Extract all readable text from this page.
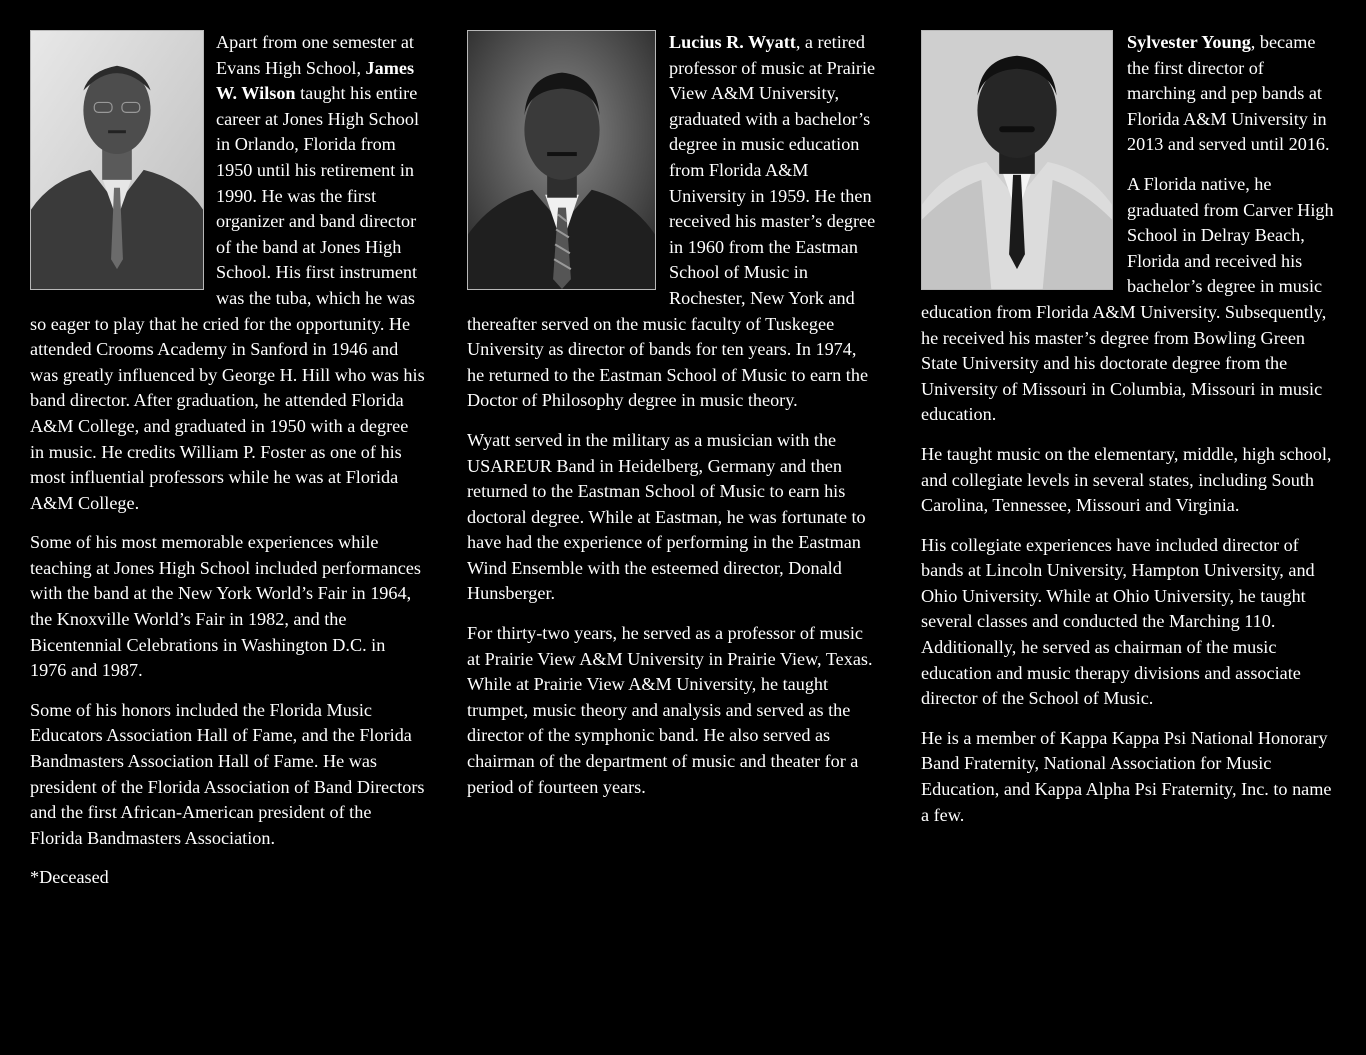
Apart from one semester at Evans High School, James W. Wilson taught his entire career at Jones High School in Orlando, Florida from 1950 until his retirement in 1990. He was the first organizer and band director of the band at Jones High School. His first instrument was the tuba, which he was so eager to play that he cried for the opportunity. He attended Crooms Academy in Sanford in 1946 and was greatly influenced by George H. Hill who was his band director. After graduation, he attended Florida A&M College, and graduated in 1950 with a degree in music. He credits William P. Foster as one of his most influential professors while he was at Florida A&M College.

Some of his most memorable experiences while teaching at Jones High School included performances with the band at the New York World’s Fair in 1964, the Knoxville World’s Fair in 1982, and the Bicentennial Celebrations in Washington D.C. in 1976 and 1987.

Some of his honors included the Florida Music Educators Association Hall of Fame, and the Florida Bandmasters Association Hall of Fame. He was president of the Florida Association of Band Directors and the first African-American president of the Florida Bandmasters Association.

*Deceased

Lucius R. Wyatt, a retired professor of music at Prairie View A&M University, graduated with a bachelor’s degree in music education from Florida A&M University in 1959. He then received his master’s degree in 1960 from the Eastman School of Music in Rochester, New York and thereafter served on the music faculty of Tuskegee University as director of bands for ten years. In 1974, he returned to the Eastman School of Music to earn the Doctor of Philosophy degree in music theory.

Wyatt served in the military as a musician with the USAREUR Band in Heidelberg, Germany and then returned to the Eastman School of Music to earn his doctoral degree. While at Eastman, he was fortunate to have had the experience of performing in the Eastman Wind Ensemble with the esteemed director, Donald Hunsberger.

For thirty-two years, he served as a professor of music at Prairie View A&M University in Prairie View, Texas. While at Prairie View A&M University, he taught trumpet, music theory and analysis and served as the director of the symphonic band. He also served as chairman of the department of music and theater for a period of fourteen years.

Sylvester Young, became the first director of marching and pep bands at Florida A&M University in 2013 and served until 2016.

A Florida native, he graduated from Carver High School in Delray Beach, Florida and received his bachelor’s degree in music education from Florida A&M University. Subsequently, he received his master’s degree from Bowling Green State University and his doctorate degree from the University of Missouri in Columbia, Missouri in music education.

He taught music on the elementary, middle, high school, and collegiate levels in several states, including South Carolina, Tennessee, Missouri and Virginia.

His collegiate experiences have included director of bands at Lincoln University, Hampton University, and Ohio University. While at Ohio University, he taught several classes and conducted the Marching 110. Additionally, he served as chairman of the music education and music therapy divisions and associate director of the School of Music.

He is a member of Kappa Kappa Psi National Honorary Band Fraternity, National Association for Music Education, and Kappa Alpha Psi Fraternity, Inc. to name a few.
